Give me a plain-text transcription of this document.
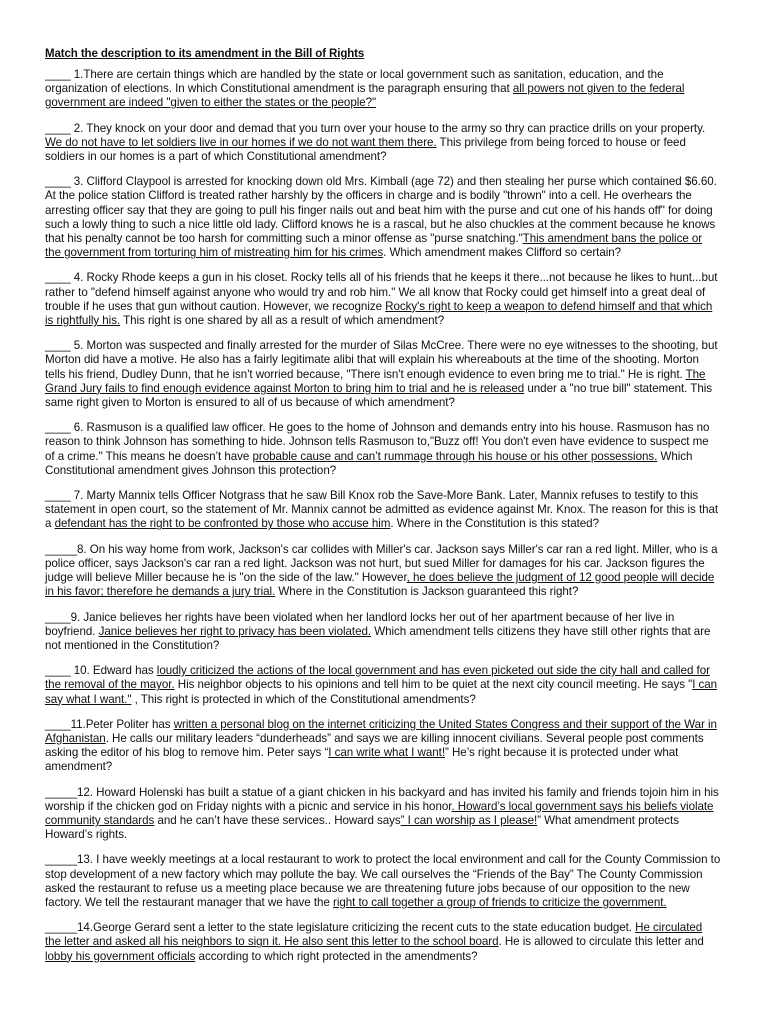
Match the description to its amendment in the Bill of Rights

____ 1.There are certain things which are handled by the state or local government such as sanitation, education, and the organization of elections. In which Constitutional amendment is the paragraph ensuring that all powers not given to the federal government are indeed "given to either the states or the people?"

____ 2. They knock on your door and demad that you turn over your house to the army so thry can practice drills on your property. We do not have to let soldiers live in our homes if we do not want them there. This privilege from being forced to house or feed soldiers in our homes is a part of which Constitutional amendment?

____ 3. Clifford Claypool is arrested for knocking down old Mrs. Kimball (age 72) and then stealing her purse which contained $6.60. At the police station Clifford is treated rather harshly by the officers in charge and is bodily "thrown" into a cell. He overhears the arresting officer say that they are going to pull his finger nails out and beat him with the purse and cut one of his hands off" for doing such a lowly thing to such a nice little old lady. Clifford knows he is a rascal, but he also chuckles at the comment because he knows that his penalty cannot be too harsh for committing such a minor offense as "purse snatching."This amendment bans the police or the government from torturing him of mistreating him for his crimes. Which amendment makes Clifford so certain?

____ 4. Rocky Rhode keeps a gun in his closet. Rocky tells all of his friends that he keeps it there...not because he likes to hunt...but rather to "defend himself against anyone who would try and rob him." We all know that Rocky could get himself into a great deal of trouble if he uses that gun without caution. However, we recognize Rocky's right to keep a weapon to defend himself and that which is rightfully his. This right is one shared by all as a result of which amendment?

____ 5. Morton was suspected and finally arrested for the murder of Silas McCree. There were no eye witnesses to the shooting, but Morton did have a motive. He also has a fairly legitimate alibi that will explain his whereabouts at the time of the shooting. Morton tells his friend, Dudley Dunn, that he isn't worried because, "There isn't enough evidence to even bring me to trial." He is right. The Grand Jury fails to find enough evidence against Morton to bring him to trial and he is released under a "no true bill" statement. This same right given to Morton is ensured to all of us because of which amendment?

____ 6. Rasmuson is a qualified law officer. He goes to the home of Johnson and demands entry into his house. Rasmuson has no reason to think Johnson has something to hide. Johnson tells Rasmuson to,"Buzz off! You don't even have evidence to suspect me of a crime." This means he doesn’t have probable cause and can’t rummage through his house or his other possessions. Which Constitutional amendment gives Johnson this protection?

____ 7. Marty Mannix tells Officer Notgrass that he saw Bill Knox rob the Save-More Bank. Later, Mannix refuses to testify to this statement in open court, so the statement of Mr. Mannix cannot be admitted as evidence against Mr. Knox. The reason for this is that a defendant has the right to be confronted by those who accuse him. Where in the Constitution is this stated?

_____8. On his way home from work, Jackson's car collides with Miller's car. Jackson says Miller's car ran a red light. Miller, who is a police officer, says Jackson's car ran a red light. Jackson was not hurt, but sued Miller for damages for his car. Jackson figures the judge will believe Miller because he is "on the side of the law." However, he does believe the judgment of 12 good people will decide in his favor; therefore he demands a jury trial. Where in the Constitution is Jackson guaranteed this right?

____9. Janice believes her rights have been violated when her landlord locks her out of her apartment because of her live in boyfriend. Janice believes her right to privacy has been violated. Which amendment tells citizens they have still other rights that are not mentioned in the Constitution?

____ 10. Edward has loudly criticized the actions of the local government and has even picketed out side the city hall and called for the removal of the mayor. His neighbor objects to his opinions and tell him to be quiet at the next city council meeting. He says "I can say what I want." , This right is protected in which of the Constitutional amendments?

____11.Peter Politer has written a personal blog on the internet criticizing the United States Congress and their support of the War in Afghanistan. He calls our military leaders “dunderheads” and says we are killing innocent civilians. Several people post comments asking the editor of his blog to remove him. Peter says “I can write what I want!” He’s right because it is protected under what amendment?

_____12. Howard Holenski has built a statue of a giant chicken in his backyard and has invited his family and friends tojoin him in his worship if the chicken god on Friday nights with a picnic and service in his honor. Howard’s local government says his beliefs violate community standards and he can’t have these services.. Howard says” I can worship as I please!” What amendment protects Howard’s rights.

_____13. I have weekly meetings at a local restaurant to work to protect the local environment and call for the County Commission to stop development of a new factory which may pollute the bay. We call ourselves the “Friends of the Bay” The County Commission asked the restaurant to refuse us a meeting place because we are threatening future jobs because of our opposition to the new factory. We tell the restaurant manager that we have the right to call together a group of friends to criticize the government.

_____14.George Gerard sent a letter to the state legislature criticizing the recent cuts to the state education budget. He circulated the letter and asked all his neighbors to sign it. He also sent this letter to the school board. He is allowed to circulate this letter and lobby his government officials according to which right protected in the amendments?
